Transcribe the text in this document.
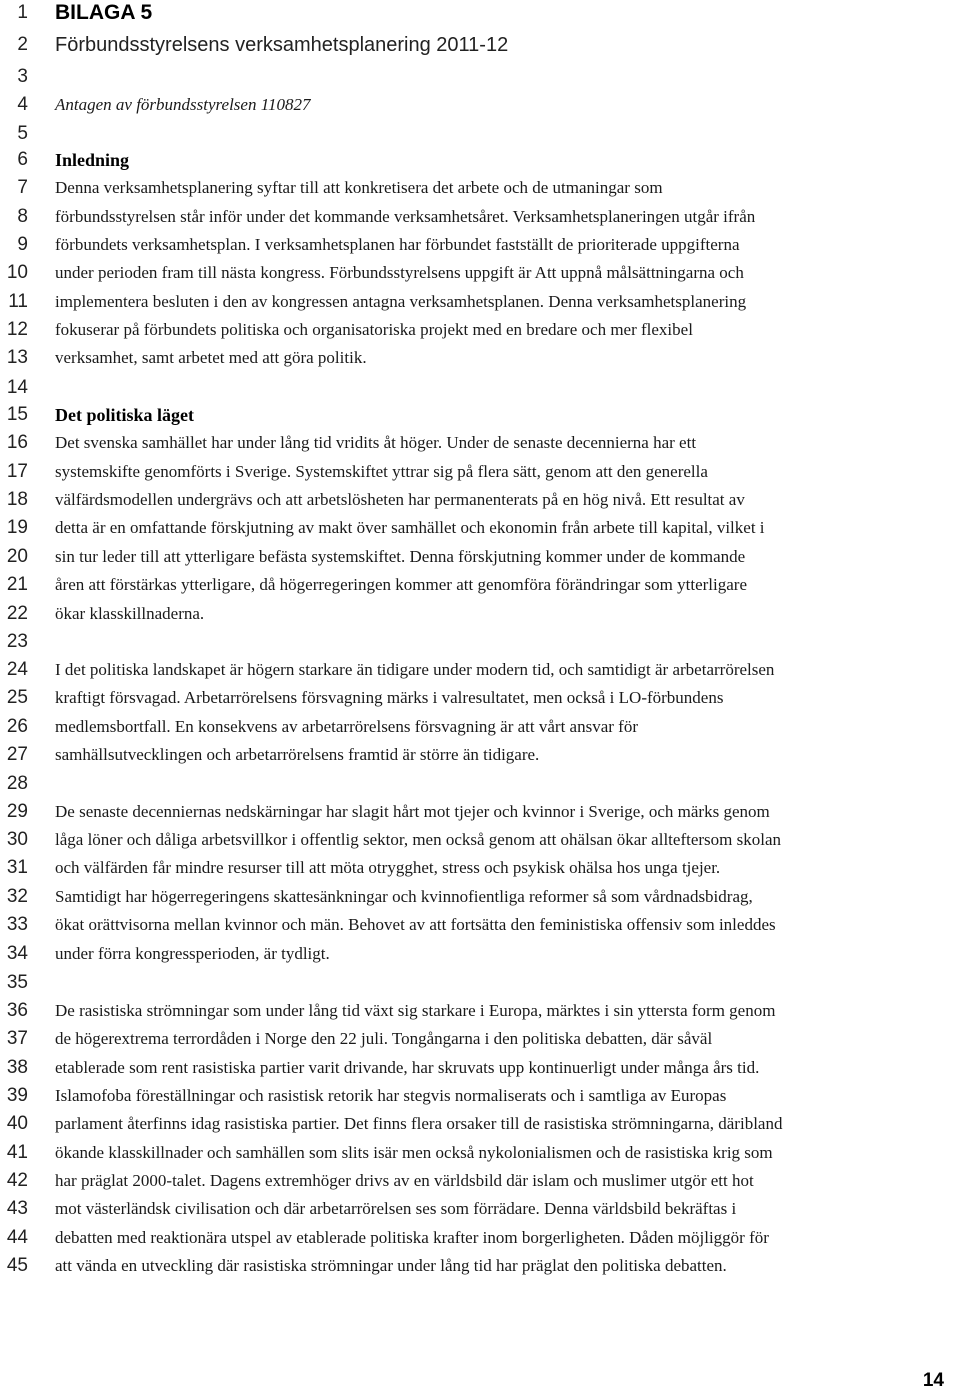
1
2
3
4
5
6
7
8
9
10
11
12
13
14
15
16
17
18
19
20
21
22
23
24
25
26
27
28
29
30
31
32
33
34
35
36
37
38
39
40
41
42
43
44
45
BILAGA 5
Förbundsstyrelsens verksamhetsplanering 2011-12
Antagen av förbundsstyrelsen 110827
Inledning
Denna verksamhetsplanering syftar till att konkretisera det arbete och de utmaningar som
förbundsstyrelsen står inför under det kommande verksamhetsåret. Verksamhetsplaneringen utgår ifrån
förbundets verksamhetsplan. I verksamhetsplanen har förbundet fastställt de prioriterade uppgifterna
under perioden fram till nästa kongress. Förbundsstyrelsens uppgift är Att uppnå målsättningarna och
implementera besluten i den av kongressen antagna verksamhetsplanen. Denna verksamhetsplanering
fokuserar på förbundets politiska och organisatoriska projekt med en bredare och mer flexibel
verksamhet, samt arbetet med att göra politik.
Det politiska läget
Det svenska samhället har under lång tid vridits åt höger. Under de senaste decennierna har ett
systemskifte genomförts i Sverige. Systemskiftet yttrar sig på flera sätt, genom att den generella
välfärdsmodellen undergrävs och att arbetslösheten har permanenterats på en hög nivå. Ett resultat av
detta är en omfattande förskjutning av makt över samhället och ekonomin från arbete till kapital, vilket i
sin tur leder till att ytterligare befästa systemskiftet. Denna förskjutning kommer under de kommande
åren att förstärkas ytterligare, då högerregeringen kommer att genomföra förändringar som ytterligare
ökar klasskillnaderna.
I det politiska landskapet är högern starkare än tidigare under modern tid, och samtidigt är arbetarrörelsen
kraftigt försvagad. Arbetarrörelsens försvagning märks i valresultatet, men också i LO-förbundens
medlemsbortfall. En konsekvens av arbetarrörelsens försvagning är att vårt ansvar för
samhällsutvecklingen och arbetarrörelsens framtid är större än tidigare.
De senaste decenniernas nedskärningar har slagit hårt mot tjejer och kvinnor i Sverige, och märks genom
låga löner och dåliga arbetsvillkor i offentlig sektor, men också genom att ohälsan ökar allteftersom skolan
och välfärden får mindre resurser till att möta otrygghet, stress och psykisk ohälsa hos unga tjejer.
Samtidigt har högerregeringens skattesänkningar och kvinnofientliga reformer så som vårdnadsbidrag,
ökat orättvisorna mellan kvinnor och män. Behovet av att fortsätta den feministiska offensiv som inleddes
under förra kongressperioden, är tydligt.
De rasistiska strömningar som under lång tid växt sig starkare i Europa, märktes i sin yttersta form genom
de högerextrema terrordåden i Norge den 22 juli. Tongångarna i den politiska debatten, där såväl
etablerade som rent rasistiska partier varit drivande, har skruvats upp kontinuerligt under många års tid.
Islamofoba föreställningar och rasistisk retorik har stegvis normaliserats och i samtliga av Europas
parlament återfinns idag rasistiska partier. Det finns flera orsaker till de rasistiska strömningarna, däribland
ökande klasskillnader och samhällen som slits isär men också nykolonialismen och de rasistiska krig som
har präglat 2000-talet. Dagens extremhöger drivs av en världsbild där islam och muslimer utgör ett hot
mot västerländsk civilisation och där arbetarrörelsen ses som förrädare. Denna världsbild bekräftas i
debatten med reaktionära utspel av etablerade politiska krafter inom borgerligheten. Dåden möjliggör för
att vända en utveckling där rasistiska strömningar under lång tid har präglat den politiska debatten.
14
